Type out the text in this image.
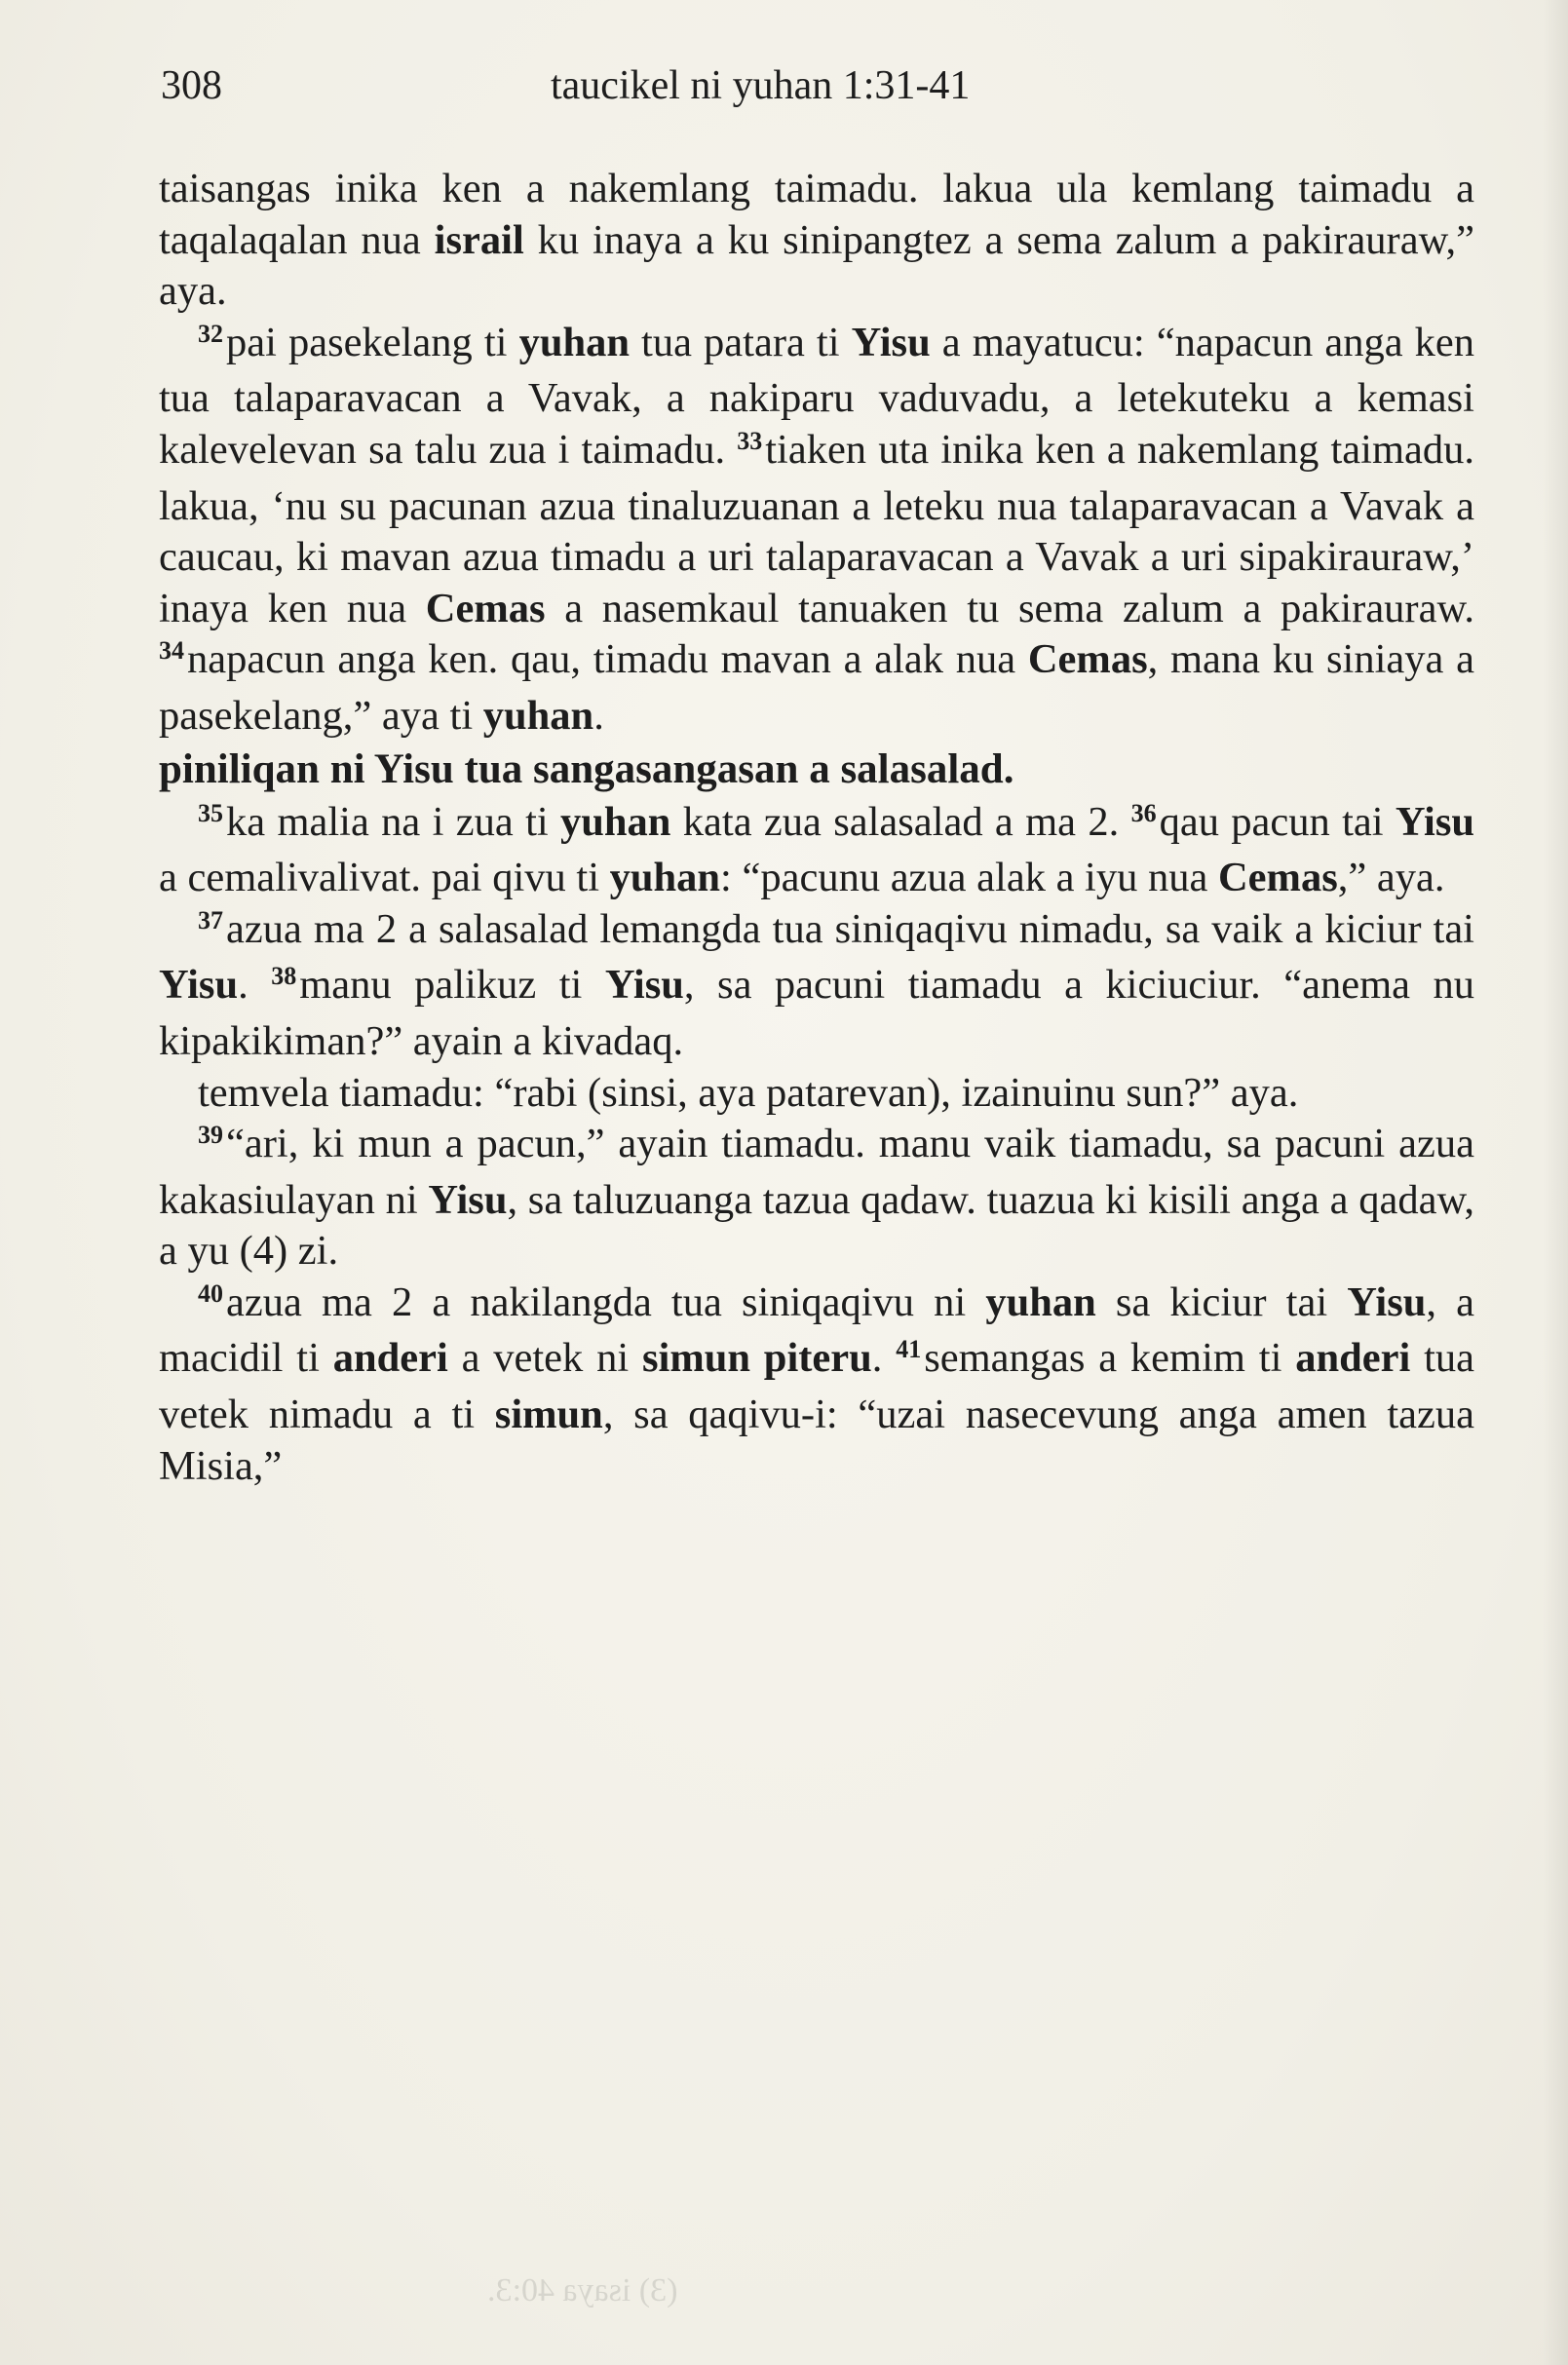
308	taucikel ni yuhan 1:31-41

taisangas inika ken a nakemlang taimadu. lakua ula kemlang taimadu a taqalaqalan nua israil ku inaya a ku sinipangtez a sema zalum a pakirauraw,” aya.

$^{32}$pai pasekelang ti yuhan tua patara ti Yisu a mayatucu: “napacun anga ken tua talaparavacan a Vavak, a nakiparu vaduvadu, a letekuteku a kemasi kalevelevan sa talu zua i taimadu. $^{33}$tiaken uta inika ken a nakemlang taimadu. lakua, ‘nu su pacunan azua tinaluzuanan a leteku nua talaparavacan a Vavak a caucau, ki mavan azua timadu a uri talaparavacan a Vavak a uri sipakirauraw,’ inaya ken nua Cemas a nasemkaul tanuaken tu sema zalum a pakirauraw. $^{34}$napacun anga ken. qau, timadu mavan a alak nua Cemas, mana ku siniaya a pasekelang,” aya ti yuhan.

piniliqan ni Yisu tua sangasangasan a salasalad.

$^{35}$ka malia na i zua ti yuhan kata zua salasalad a ma 2. $^{36}$qau pacun tai Yisu a cemalivalivat. pai qivu ti yuhan: “pacunu azua alak a iyu nua Cemas,” aya.

$^{37}$azua ma 2 a salasalad lemangda tua siniqaqivu nimadu, sa vaik a kiciur tai Yisu. $^{38}$manu palikuz ti Yisu, sa pacuni tiamadu a kiciuciur. “anema nu kipakikiman?” ayain a kivadaq.

temvela tiamadu: “rabi (sinsi, aya patarevan), izainuinu sun?” aya.

$^{39}$“ari, ki mun a pacun,” ayain tiamadu. manu vaik tiamadu, sa pacuni azua kakasiulayan ni Yisu, sa taluzuanga tazua qadaw. tuazua ki kisili anga a qadaw, a yu (4) zi.

$^{40}$azua ma 2 a nakilangda tua siniqaqivu ni yuhan sa kiciur tai Yisu, a macidil ti anderi a vetek ni simun piteru. $^{41}$semangas a kemim ti anderi tua vetek nimadu a ti simun, sa qaqivu-i: “uzai nasecevung anga amen tazua Misia,”

(3) isaya 40:3.
